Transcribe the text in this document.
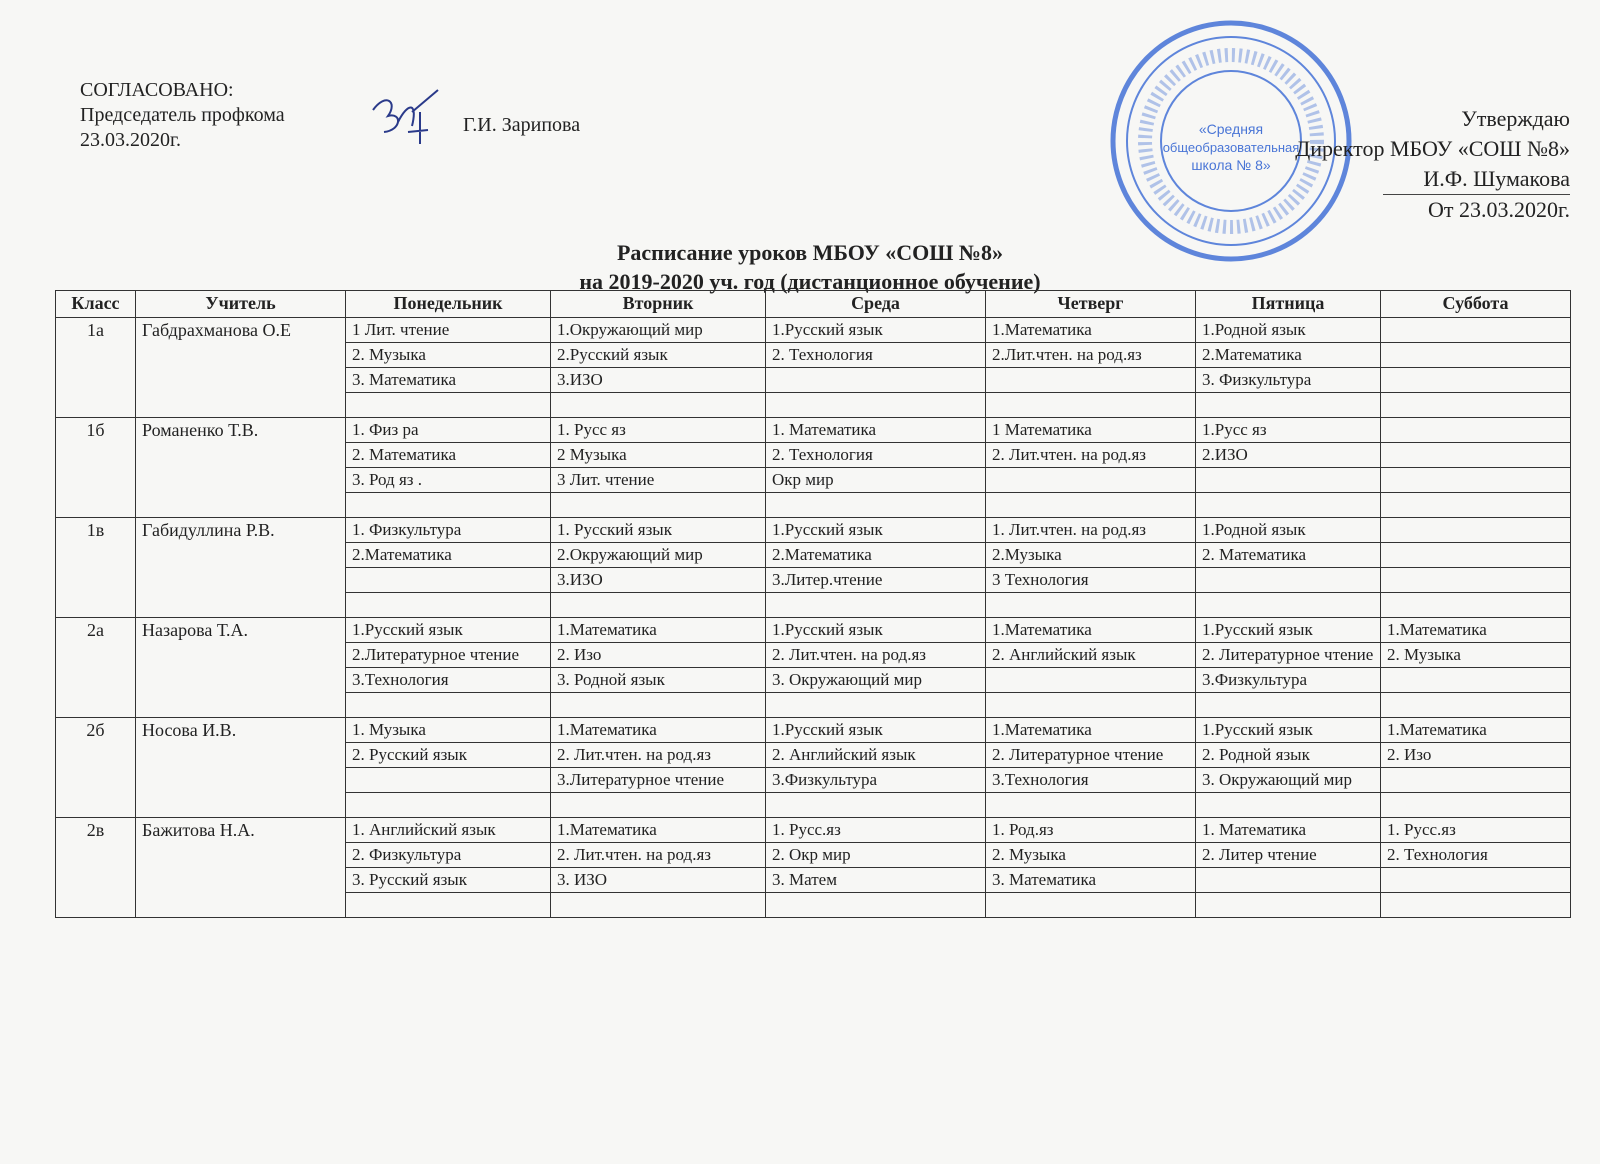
СОГЛАСОВАНО:
Председатель профкома
23.03.2020г.
Г.И. Зарипова	«Средняя
общеобразовательная
школа № 8»
Утверждаю
Директор МБОУ «СОШ №8»
И.Ф. Шумакова
От 23.03.2020г.
Расписание уроков МБОУ «СОШ №8»
на 2019-2020 уч. год (дистанционное обучение)
Класс	Учитель	Понедельник	Вторник	Среда	Четверг	Пятница	Суббота
1а	Габдрахманова О.Е	1 Лит. чтение	1.Окружающий мир	1.Русский язык	1.Математика	1.Родной язык	
		2. Музыка	2.Русский язык	2. Технология	2.Лит.чтен. на род.яз	2.Математика	
		3. Математика	3.ИЗО			3. Физкультура	

1б	Романенко Т.В.	1. Физ ра	1. Русс яз	1. Математика	1 Математика	1.Русс яз	
		2. Математика	2 Музыка	2. Технология	2. Лит.чтен. на род.яз	2.ИЗО	
		3. Род яз .	3 Лит. чтение	Окр мир			

1в	Габидуллина Р.В.	1. Физкультура	1. Русский язык	1.Русский язык	1. Лит.чтен. на род.яз	1.Родной язык	
		2.Математика	2.Окружающий мир	2.Математика	2.Музыка	2. Математика	
			3.ИЗО	3.Литер.чтение	3 Технология		

2а	Назарова Т.А.	1.Русский язык	1.Математика	1.Русский язык	1.Математика	1.Русский язык	1.Математика
		2.Литературное чтение	2. Изо	2. Лит.чтен. на род.яз	2. Английский язык	2. Литературное чтение	2. Музыка
		3.Технология	3. Родной язык	3. Окружающий мир		3.Физкультура	

2б	Носова И.В.	1. Музыка	1.Математика	1.Русский язык	1.Математика	1.Русский язык	1.Математика
		2. Русский язык	2. Лит.чтен. на род.яз	2. Английский язык	2. Литературное чтение	2. Родной язык	2. Изо
			3.Литературное чтение	3.Физкультура	3.Технология	3. Окружающий мир	

2в	Бажитова Н.А.	1. Английский язык	1.Математика	1. Русс.яз	1. Род.яз	1. Математика	1. Русс.яз
		2. Физкультура	2. Лит.чтен. на род.яз	2. Окр мир	2. Музыка	2. Литер чтение	2. Технология
		3. Русский язык	3. ИЗО	3. Матем	3. Математика		
